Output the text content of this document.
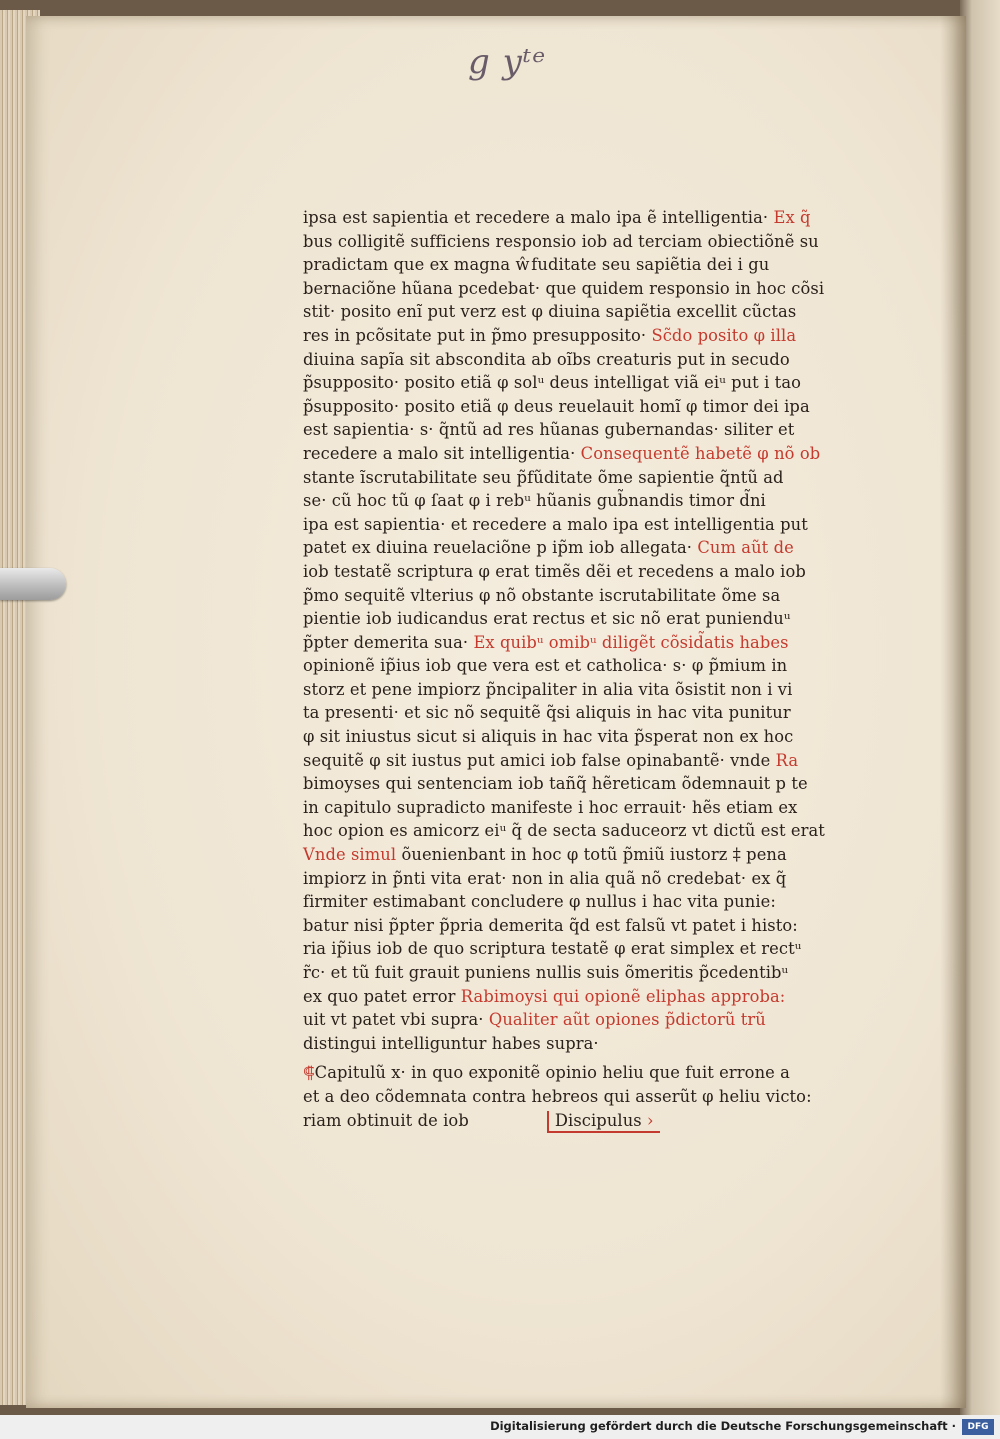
g yᵗᵉ
ipsa est sapientia et recedere a malo ipa ẽ intelligentia· Ex q̃
bus colligitẽ sufficiens responsio iob ad terciam obiectiõnẽ su
pradictam que ex magna ŵfuditate seu sapiẽtia dei i gu
bernaciõne hũana pcedebat· que quidem responsio in hoc cõsi
stit· posito enĩ put verz est φ diuina sapiẽtia excellit cũctas
res in pcõsitate put in p̃mo presupposito· Sc̃do posito φ illa
diuina sapĩa sit abscondita ab oĩbs creaturis put in secudo
p̃supposito· posito etiã φ solᵘ deus intelligat viã eiᵘ put i tao
p̃supposito· posito etiã φ deus reuelauit homĩ φ timor dei ipa
est sapientia· s· q̃ntũ ad res hũanas gubernandas· siliter et
recedere a malo sit intelligentia· Consequentẽ habetẽ φ nõ ob
stante ĩscrutabilitate seu p̃fũditate õme sapientie q̃ntũ ad
se· cũ hoc tũ φ ſaat φ i rebᵘ hũanis gub̃nandis timor d̃ni
ipa est sapientia· et recedere a malo ipa est intelligentia put
patet ex diuina reuelaciõne p ip̃m iob allegata· Cum aũt de
iob testatẽ scriptura φ erat timẽs dẽi et recedens a malo iob
p̃mo sequitẽ vlterius φ nõ obstante iscrutabilitate õme sa
pientie iob iudicandus erat rectus et sic nõ erat punienduᵘ
p̃pter demerita sua· Ex quibᵘ omibᵘ diligẽt cõsid̃atis habes
opinionẽ ip̃ius iob que vera est et catholica· s· φ p̃mium in
storz et pene impiorz p̃ncipaliter in alia vita õsistit non i vi
ta presenti· et sic nõ sequitẽ q̃si aliquis in hac vita punitur
φ sit iniustus sicut si aliquis in hac vita p̃sperat non ex hoc
sequitẽ φ sit iustus put amici iob false opinabantẽ· vnde Ra
bimoyses qui sentenciam iob tañq̃ hẽreticam õdemnauit p te
in capitulo supradicto manifeste i hoc errauit· hẽs etiam ex
hoc opion es amicorz eiᵘ q̃ de secta saduceorz vt dictũ est erat
Vnde simul õuenienbant in hoc φ totũ p̃miũ iustorz ‡ pena
impiorz in p̃nti vita erat· non in alia quã nõ credebat· ex q̃
firmiter estimabant concludere φ nullus i hac vita punie:
batur nisi p̃pter p̃pria demerita q̃d est falsũ vt patet i histo:
ria ip̃ius iob de quo scriptura testatẽ φ erat simplex et rectᵘ
r̃c· et tũ fuit grauit puniens nullis suis õmeritis p̃cedentibᵘ
ex quo patet error Rabimoysi qui opionẽ eliphas approba:
uit vt patet vbi supra· Qualiter aũt opiones p̃dictorũ trũ
distingui intelliguntur habes supra·
⸿Capitulũ x· in quo exponitẽ opinio heliu que fuit errone a
et a deo cõdemnata contra hebreos qui asserũt φ heliu victo:
riam obtinuit de iob	Discipulus ›
Digitalisierung gefördert durch die Deutsche Forschungsgemeinschaft ·	DFG
